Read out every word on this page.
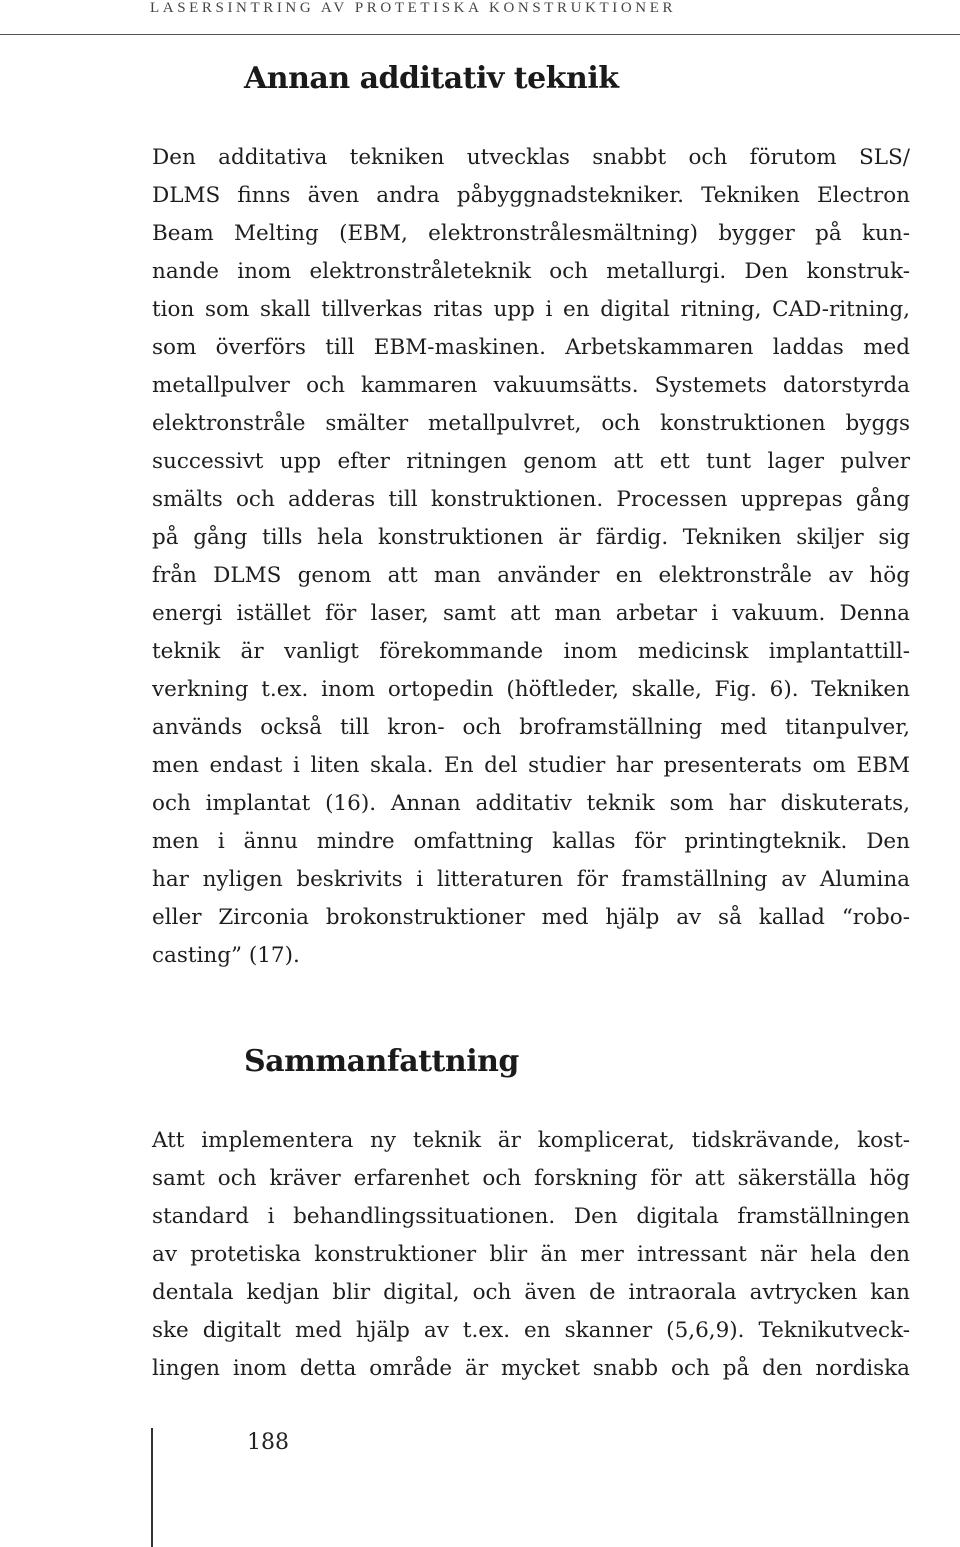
LASERSINTRING AV PROTETISKA KONSTRUKTIONER
Annan additativ teknik
Den additativa tekniken utvecklas snabbt och förutom SLS/
DLMS finns även andra påbyggnadstekniker. Tekniken Electron
Beam Melting (EBM, elektronstrålesmältning) bygger på kun-
nande inom elektronstråleteknik och metallurgi. Den konstruk-
tion som skall tillverkas ritas upp i en digital ritning, CAD-ritning,
som överförs till EBM-maskinen. Arbetskammaren laddas med
metallpulver och kammaren vakuumsätts. Systemets datorstyrda
elektronstråle smälter metallpulvret, och konstruktionen byggs
successivt upp efter ritningen genom att ett tunt lager pulver
smälts och adderas till konstruktionen. Processen upprepas gång
på gång tills hela konstruktionen är färdig. Tekniken skiljer sig
från DLMS genom att man använder en elektronstråle av hög
energi istället för laser, samt att man arbetar i vakuum. Denna
teknik är vanligt förekommande inom medicinsk implantattill-
verkning t.ex. inom ortopedin (höftleder, skalle, Fig. 6). Tekniken
används också till kron- och broframställning med titanpulver,
men endast i liten skala. En del studier har presenterats om EBM
och implantat (16). Annan additativ teknik som har diskuterats,
men i ännu mindre omfattning kallas för printingteknik. Den
har nyligen beskrivits i litteraturen för framställning av Alumina
eller Zirconia brokonstruktioner med hjälp av så kallad “robo-
casting” (17).
Sammanfattning
Att implementera ny teknik är komplicerat, tidskrävande, kost-
samt och kräver erfarenhet och forskning för att säkerställa hög
standard i behandlingssituationen. Den digitala framställningen
av protetiska konstruktioner blir än mer intressant när hela den
dentala kedjan blir digital, och även de intraorala avtrycken kan
ske digitalt med hjälp av t.ex. en skanner (5,6,9). Teknikutveck-
lingen inom detta område är mycket snabb och på den nordiska
188
